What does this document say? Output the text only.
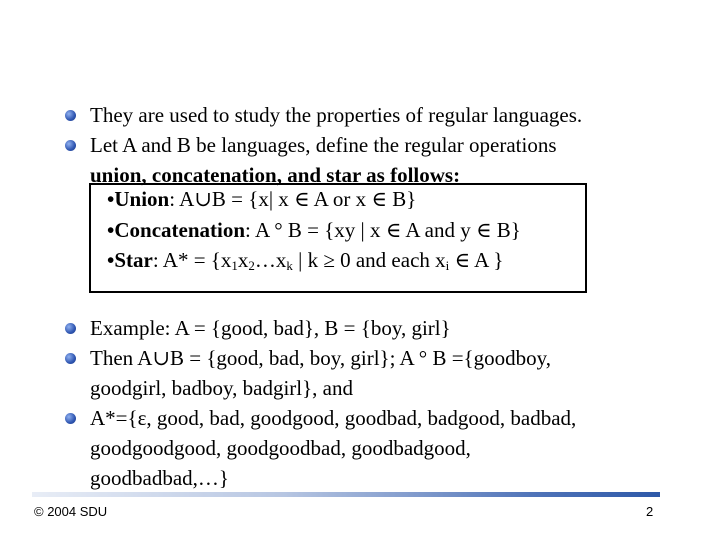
They are used to study the properties of regular languages.
Let A and B be languages, define the regular operations
union, concatenation, and star as follows:
•Union: A∪B = {x| x ∈ A or x ∈ B}
•Concatenation: A ° B = {xy | x ∈ A and y ∈ B}
•Star: $A* = \{x_1x_2\dots x_k$ | k ≥ 0 and each $x_i$ ∈ A }
Example: A = {good, bad}, B = {boy, girl}
Then A∪B = {good, bad, boy, girl}; A ° B ={goodboy,
goodgirl, badboy, badgirl}, and
A*={ε, good, bad, goodgood, goodbad, badgood, badbad,
goodgoodgood, goodgoodbad, goodbadgood,
goodbadbad,…}
© 2004 SDU	2
